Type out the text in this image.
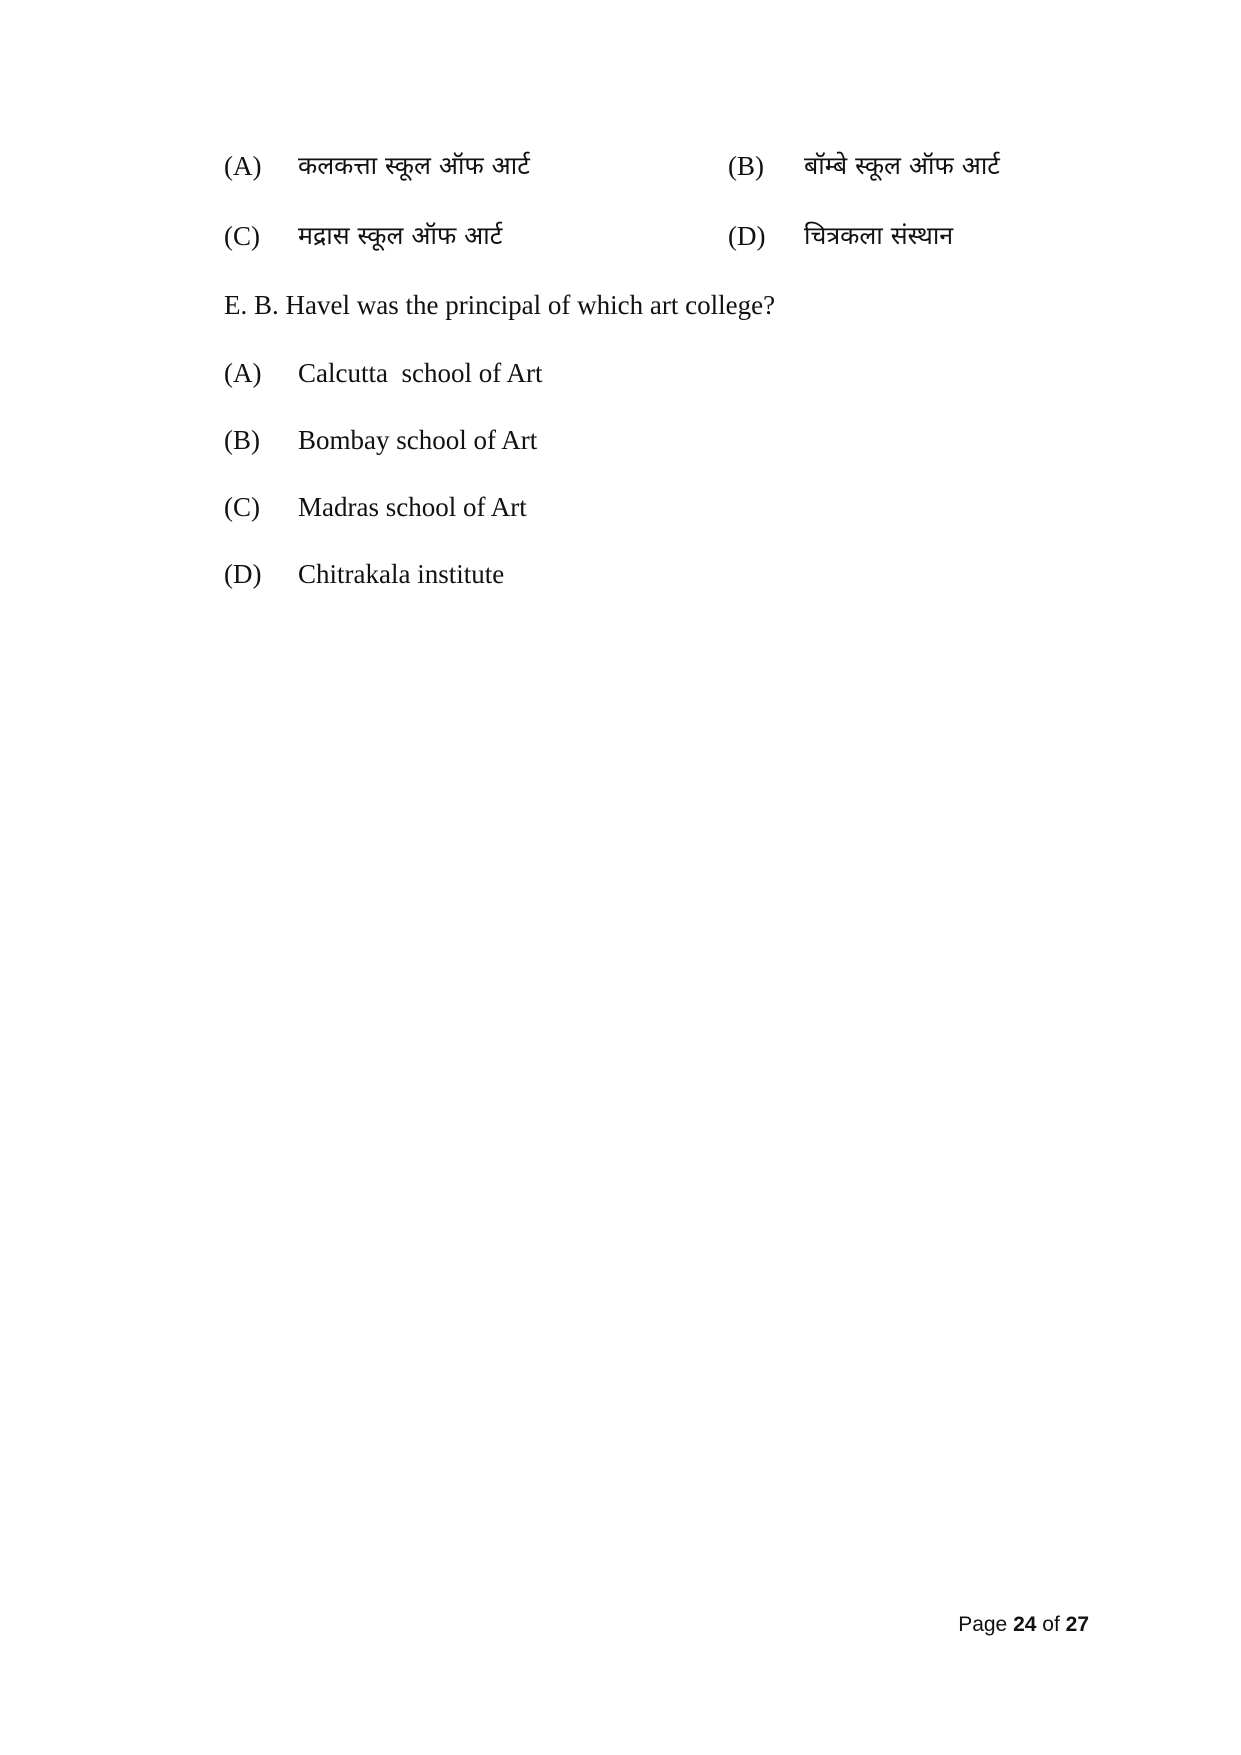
(A) कलकत्ता स्कूल ऑफ आर्ट	(B) बॉम्बे स्कूल ऑफ आर्ट
(C) मद्रास स्कूल ऑफ आर्ट	(D) चित्रकला संस्थान
E. B. Havel was the principal of which art college?
(A) Calcutta  school of Art
(B) Bombay school of Art
(C) Madras school of Art
(D) Chitrakala institute
Page 24 of 27
